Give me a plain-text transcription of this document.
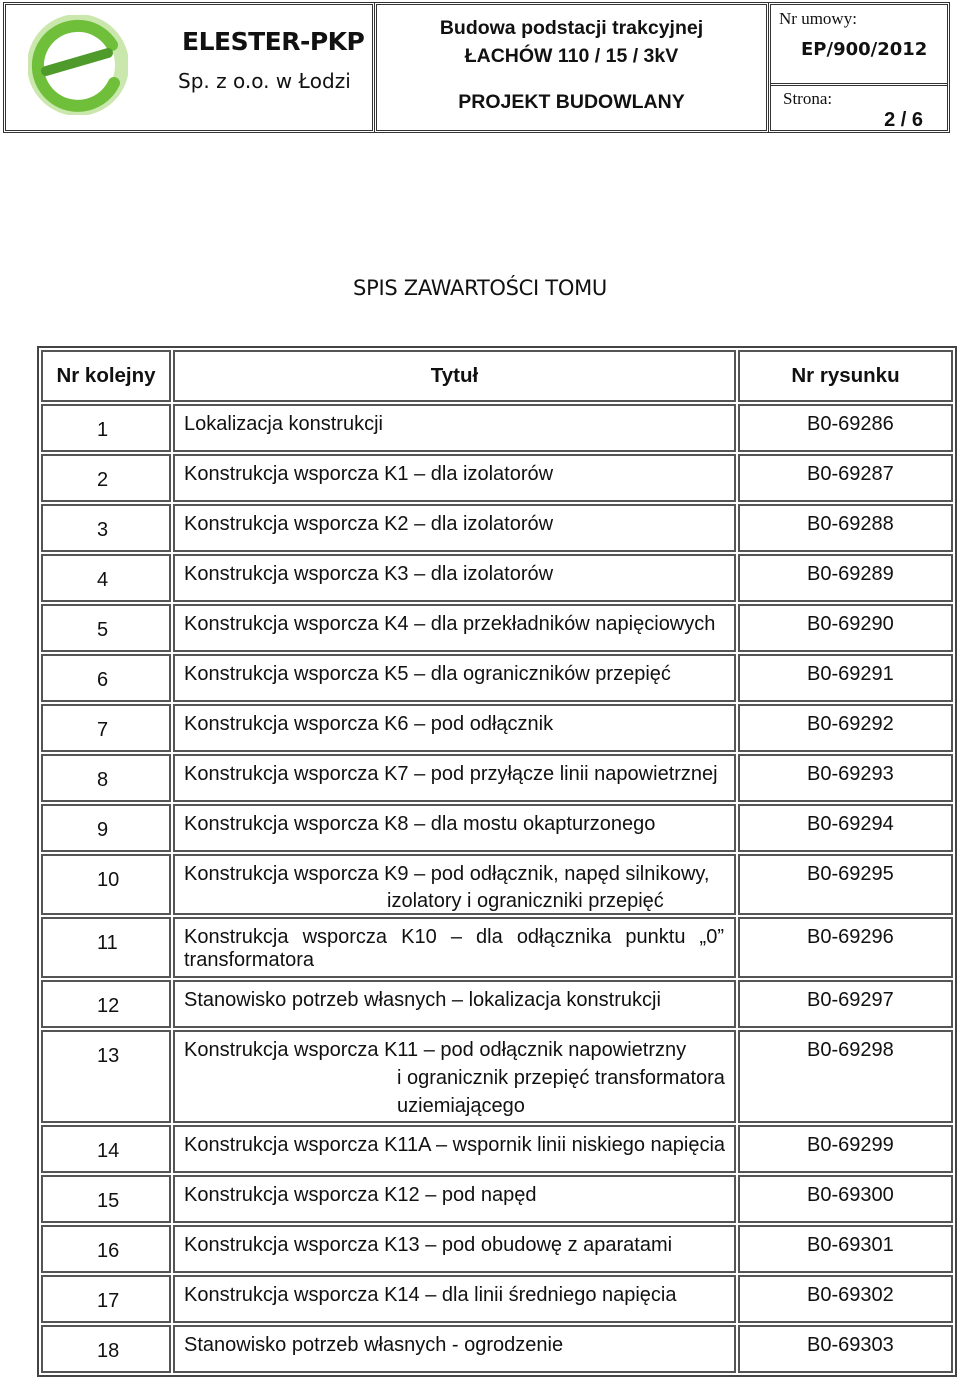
ELESTER-PKP
Sp. z o.o. w Łodzi
Budowa podstacji trakcyjnej
ŁACHÓW 110 / 15 / 3kV
PROJEKT BUDOWLANY
Nr umowy:
EP/900/2012
Strona:
2 / 6
SPIS ZAWARTOŚCI TOMU
Nr kolejny	Tytuł	Nr rysunku
1	Lokalizacja konstrukcji	B0-69286
2	Konstrukcja wsporcza K1 – dla izolatorów	B0-69287
3	Konstrukcja wsporcza K2 – dla izolatorów	B0-69288
4	Konstrukcja wsporcza K3 – dla izolatorów	B0-69289
5	Konstrukcja wsporcza K4 – dla przekładników napięciowych	B0-69290
6	Konstrukcja wsporcza K5 – dla ograniczników przepięć	B0-69291
7	Konstrukcja wsporcza K6 – pod odłącznik	B0-69292
8	Konstrukcja wsporcza K7 – pod przyłącze linii napowietrznej	B0-69293
9	Konstrukcja wsporcza K8 – dla mostu okapturzonego	B0-69294
10	Konstrukcja wsporcza K9 – pod odłącznik, napęd silnikowy,
izolatory i ograniczniki przepięć	B0-69295
11	Konstrukcja wsporcza K10 – dla odłącznika punktu „0”
transformatora	B0-69296
12	Stanowisko potrzeb własnych – lokalizacja konstrukcji	B0-69297
13	Konstrukcja wsporcza K11 – pod odłącznik napowietrzny
i ogranicznik przepięć transformatora
uziemiającego	B0-69298
14	Konstrukcja wsporcza K11A – wspornik linii niskiego napięcia	B0-69299
15	Konstrukcja wsporcza K12 – pod napęd	B0-69300
16	Konstrukcja wsporcza K13 – pod obudowę z aparatami	B0-69301
17	Konstrukcja wsporcza K14 – dla linii średniego napięcia	B0-69302
18	Stanowisko potrzeb własnych - ogrodzenie	B0-69303
